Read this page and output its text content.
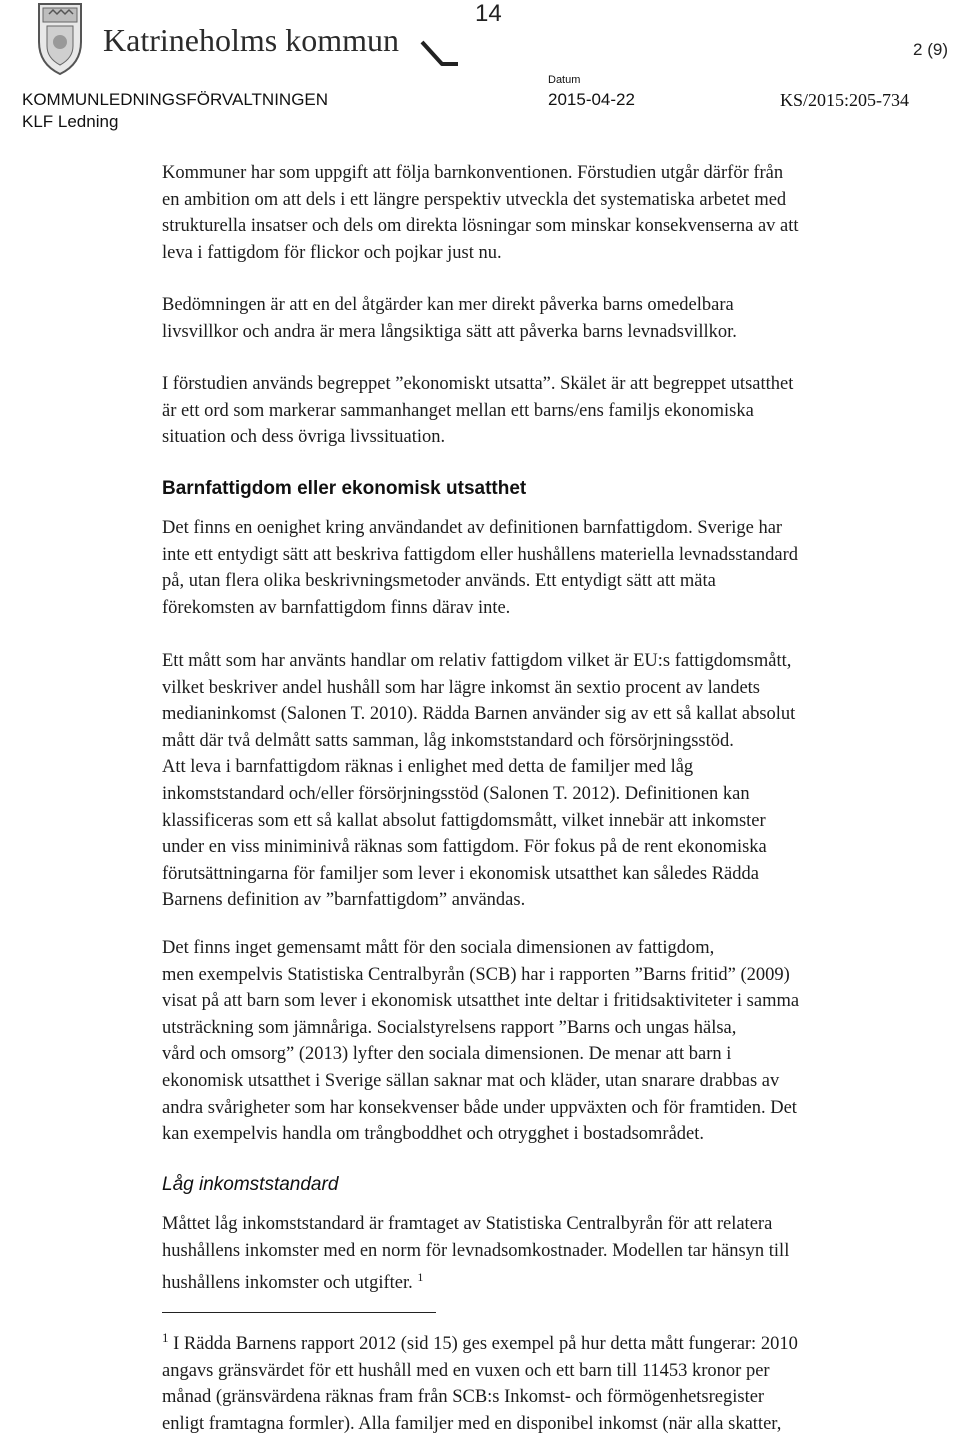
Katrineholms kommun
14
2 (9)
KOMMUNLEDNINGSFÖRVALTNINGEN
KLF Ledning
Datum
2015-04-22	KS/2015:205-734

Kommuner har som uppgift att följa barnkonventionen. Förstudien utgår därför från
en ambition om att dels i ett längre perspektiv utveckla det systematiska arbetet med
strukturella insatser och dels om direkta lösningar som minskar konsekvenserna av att
leva i fattigdom för flickor och pojkar just nu.

Bedömningen är att en del åtgärder kan mer direkt påverka barns omedelbara
livsvillkor och andra är mera långsiktiga sätt att påverka barns levnadsvillkor.

I förstudien används begreppet ”ekonomiskt utsatta”. Skälet är att begreppet utsatthet
är ett ord som markerar sammanhanget mellan ett barns/ens familjs ekonomiska
situation och dess övriga livssituation.

Barnfattigdom eller ekonomisk utsatthet

Det finns en oenighet kring användandet av definitionen barnfattigdom. Sverige har
inte ett entydigt sätt att beskriva fattigdom eller hushållens materiella levnadsstandard
på, utan flera olika beskrivningsmetoder används. Ett entydigt sätt att mäta
förekomsten av barnfattigdom finns därav inte.

Ett mått som har använts handlar om relativ fattigdom vilket är EU:s fattigdomsmått,
vilket beskriver andel hushåll som har lägre inkomst än sextio procent av landets
medianinkomst (Salonen T. 2010). Rädda Barnen använder sig av ett så kallat absolut
mått där två delmått satts samman, låg inkomststandard och försörjningsstöd.
Att leva i barnfattigdom räknas i enlighet med detta de familjer med låg
inkomststandard och/eller försörjningsstöd (Salonen T. 2012). Definitionen kan
klassificeras som ett så kallat absolut fattigdomsmått, vilket innebär att inkomster
under en viss miniminivå räknas som fattigdom. För fokus på de rent ekonomiska
förutsättningarna för familjer som lever i ekonomisk utsatthet kan således Rädda
Barnens definition av ”barnfattigdom” användas.

Det finns inget gemensamt mått för den sociala dimensionen av fattigdom,
men exempelvis Statistiska Centralbyrån (SCB) har i rapporten ”Barns fritid” (2009)
visat på att barn som lever i ekonomisk utsatthet inte deltar i fritidsaktiviteter i samma
utsträckning som jämnåriga. Socialstyrelsens rapport ”Barns och ungas hälsa,
vård och omsorg” (2013) lyfter den sociala dimensionen. De menar att barn i
ekonomisk utsatthet i Sverige sällan saknar mat och kläder, utan snarare drabbas av
andra svårigheter som har konsekvenser både under uppväxten och för framtiden. Det
kan exempelvis handla om trångboddhet och otrygghet i bostadsområdet.

Låg inkomststandard

Måttet låg inkomststandard är framtaget av Statistiska Centralbyrån för att relatera
hushållens inkomster med en norm för levnadsomkostnader. Modellen tar hänsyn till
hushållens inkomster och utgifter. $^1$

$^1$ I Rädda Barnens rapport 2012 (sid 15) ges exempel på hur detta mått fungerar: 2010
angavs gränsvärdet för ett hushåll med en vuxen och ett barn till 11453 kronor per
månad (gränsvärdena räknas fram från SCB:s Inkomst- och förmögenhetsregister
enligt framtagna formler). Alla familjer med en disponibel inkomst (när alla skatter,
